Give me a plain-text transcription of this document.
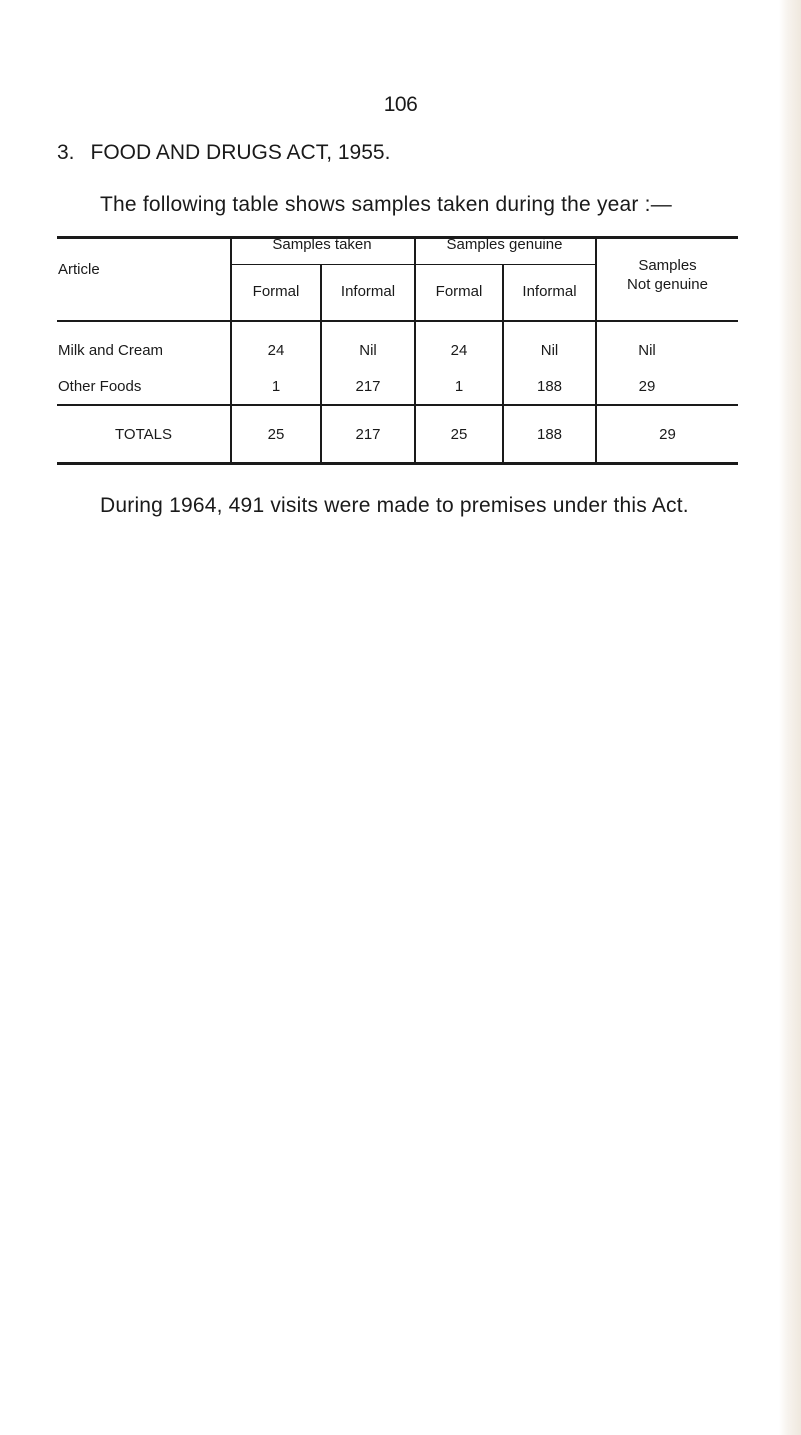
106
3. FOOD AND DRUGS ACT, 1955.
The following table shows samples taken during the year :—
Article
Samples taken	Samples genuine
Samples
Not genuine
Formal	Informal	Formal	Informal
Milk and Cream	24	Nil	24	Nil	Nil
Other Foods	1	217	1	188	29
TOTALS	25	217	25	188	29
During 1964, 491 visits were made to premises under this Act.
